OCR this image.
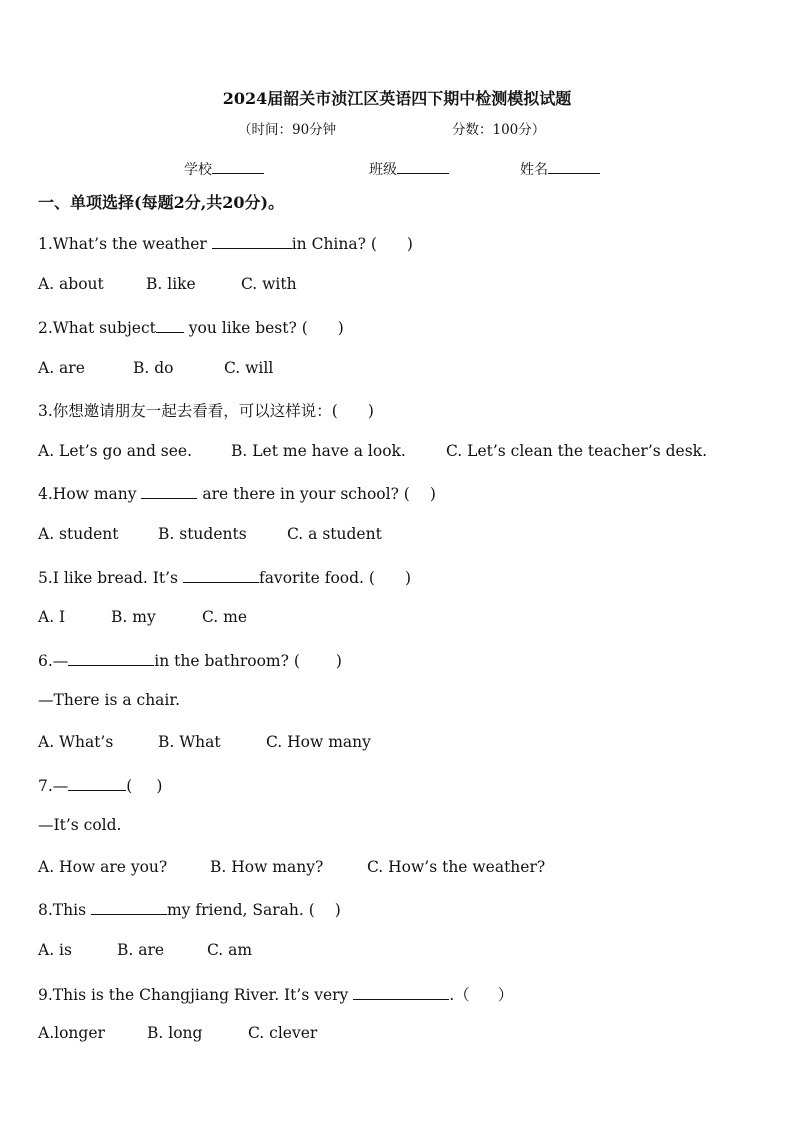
2024届韶关市浈江区英语四下期中检测模拟试题
（时间：90分钟	分数：100分）
学校	班级	姓名
一、单项选择(每题2分,共20分)。
1.What’s the weather	in China? ( )
A. about	B. like	C. with
2.What subject you like best? ( )
A. are	B. do	C. will
3.你想邀请朋友一起去看看，可以这样说：( )
A. Let’s go and see.	B. Let me have a look.	C. Let’s clean the teacher’s desk.
4.How many	are there in your school? ( )
A. student	B. students	C. a student
5.I like bread. It’s	favorite food. ( )
A. I	B. my	C. me
6.—	in the bathroom? ( )
—There is a chair.
A. What’s	B. What	C. How many
7.—	( )
—It’s cold.
A. How are you?	B. How many?	C. How’s the weather?
8.This	my friend, Sarah. ( )
A. is	B. are	C. am
9.This is the Changjiang River. It’s very	.（ ）
A.longer	B. long	C. clever
